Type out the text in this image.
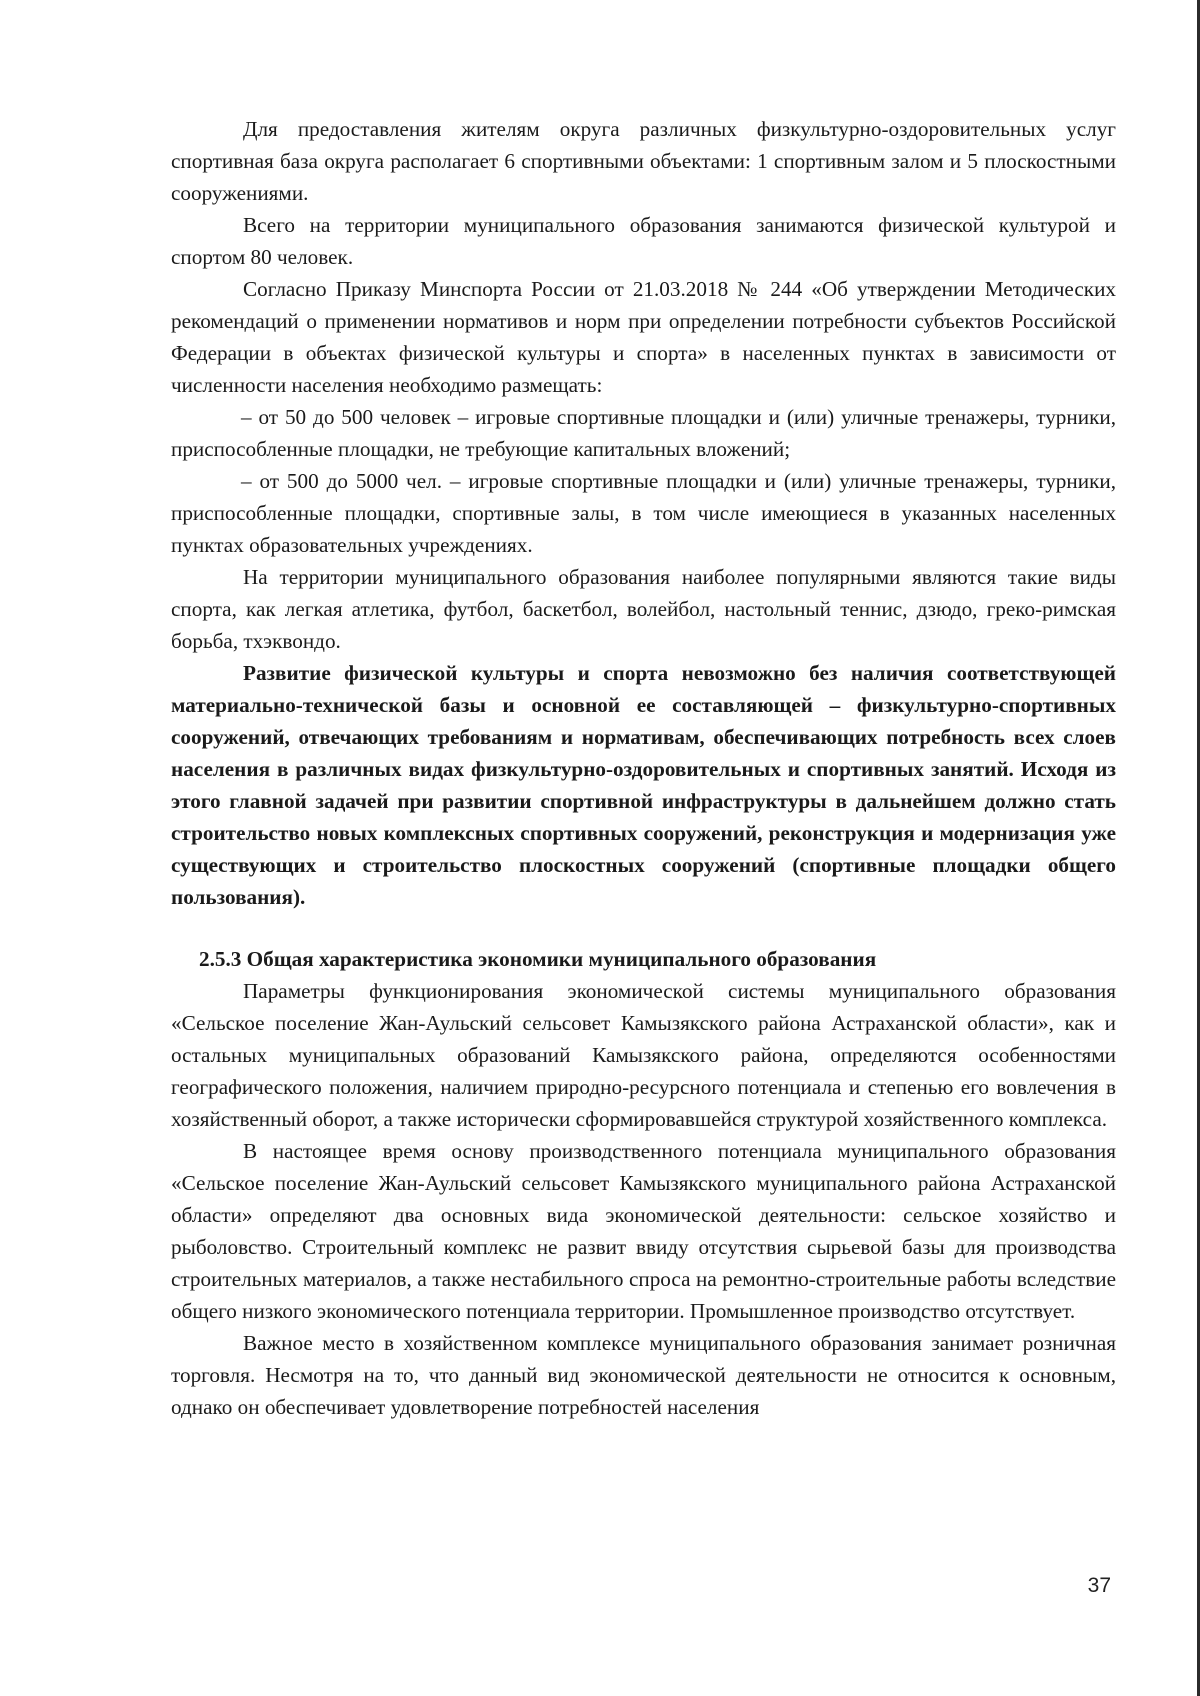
Для предоставления жителям округа различных физкультурно-оздоровительных услуг спортивная база округа располагает 6 спортивными объектами: 1 спортивным залом и 5 плоскостными сооружениями.

Всего на территории муниципального образования занимаются физической культурой и спортом 80 человек.

Согласно Приказу Минспорта России от 21.03.2018 № 244 «Об утверждении Методических рекомендаций о применении нормативов и норм при определении потребности субъектов Российской Федерации в объектах физической культуры и спорта» в населенных пунктах в зависимости от численности населения необходимо размещать:

– от 50 до 500 человек – игровые спортивные площадки и (или) уличные тренажеры, турники, приспособленные площадки, не требующие капитальных вложений;

– от 500 до 5000 чел. – игровые спортивные площадки и (или) уличные тренажеры, турники, приспособленные площадки, спортивные залы, в том числе имеющиеся в указанных населенных пунктах образовательных учреждениях.

На территории муниципального образования наиболее популярными являются такие виды спорта, как легкая атлетика, футбол, баскетбол, волейбол, настольный теннис, дзюдо, греко-римская борьба, тхэквондо.

Развитие физической культуры и спорта невозможно без наличия соответствующей материально-технической базы и основной ее составляющей – физкультурно-спортивных сооружений, отвечающих требованиям и нормативам, обеспечивающих потребность всех слоев населения в различных видах физкультурно-оздоровительных и спортивных занятий. Исходя из этого главной задачей при развитии спортивной инфраструктуры в дальнейшем должно стать строительство новых комплексных спортивных сооружений, реконструкция и модернизация уже существующих и строительство плоскостных сооружений (спортивные площадки общего пользования).

2.5.3 Общая характеристика экономики муниципального образования

Параметры функционирования экономической системы муниципального образования «Сельское поселение Жан-Аульский сельсовет Камызякского района Астраханской области», как и остальных муниципальных образований Камызякского района, определяются особенностями географического положения, наличием природно-ресурсного потенциала и степенью его вовлечения в хозяйственный оборот, а также исторически сформировавшейся структурой хозяйственного комплекса.

В настоящее время основу производственного потенциала муниципального образования «Сельское поселение Жан-Аульский сельсовет Камызякского муниципального района Астраханской области» определяют два основных вида экономической деятельности: сельское хозяйство и рыболовство. Строительный комплекс не развит ввиду отсутствия сырьевой базы для производства строительных материалов, а также нестабильного спроса на ремонтно-строительные работы вследствие общего низкого экономического потенциала территории. Промышленное производство отсутствует.

Важное место в хозяйственном комплексе муниципального образования занимает розничная торговля. Несмотря на то, что данный вид экономической деятельности не относится к основным, однако он обеспечивает удовлетворение потребностей населения

37
